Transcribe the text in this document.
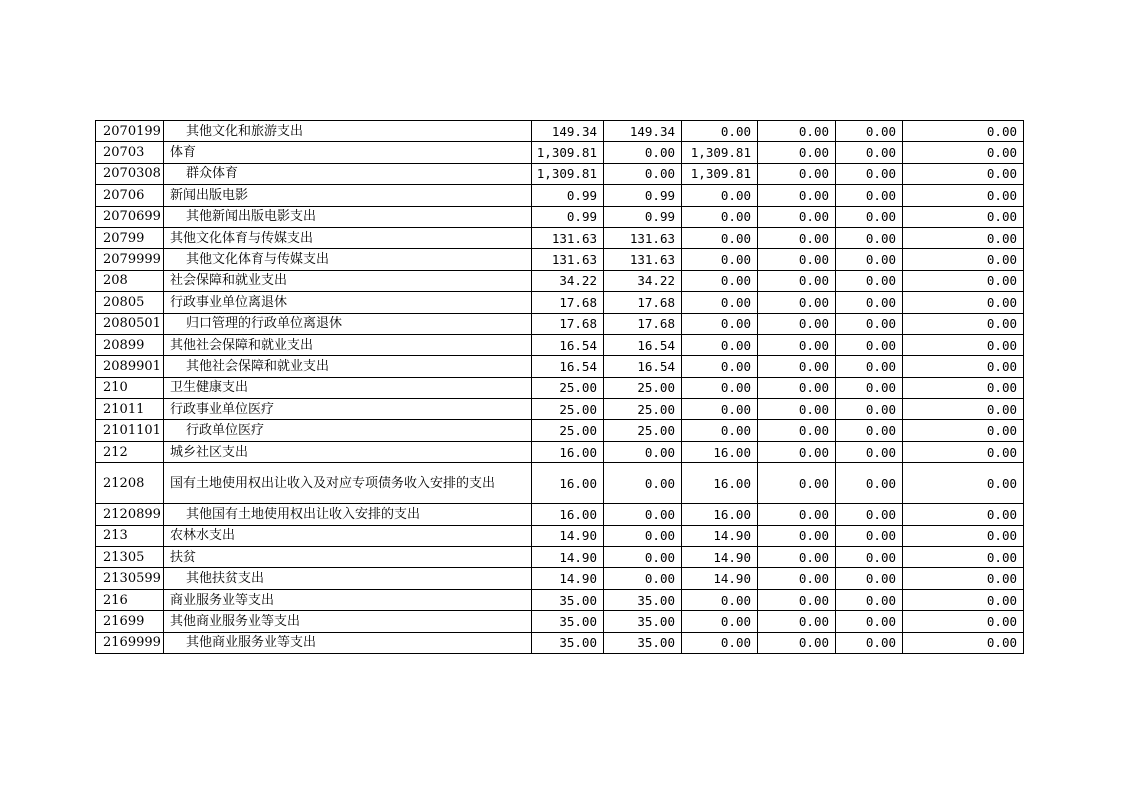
2070199	其他文化和旅游支出	149.34	149.34	0.00	0.00	0.00	0.00
20703	体育	1,309.81	0.00	1,309.81	0.00	0.00	0.00
2070308	群众体育	1,309.81	0.00	1,309.81	0.00	0.00	0.00
20706	新闻出版电影	0.99	0.99	0.00	0.00	0.00	0.00
2070699	其他新闻出版电影支出	0.99	0.99	0.00	0.00	0.00	0.00
20799	其他文化体育与传媒支出	131.63	131.63	0.00	0.00	0.00	0.00
2079999	其他文化体育与传媒支出	131.63	131.63	0.00	0.00	0.00	0.00
208	社会保障和就业支出	34.22	34.22	0.00	0.00	0.00	0.00
20805	行政事业单位离退休	17.68	17.68	0.00	0.00	0.00	0.00
2080501	归口管理的行政单位离退休	17.68	17.68	0.00	0.00	0.00	0.00
20899	其他社会保障和就业支出	16.54	16.54	0.00	0.00	0.00	0.00
2089901	其他社会保障和就业支出	16.54	16.54	0.00	0.00	0.00	0.00
210	卫生健康支出	25.00	25.00	0.00	0.00	0.00	0.00
21011	行政事业单位医疗	25.00	25.00	0.00	0.00	0.00	0.00
2101101	行政单位医疗	25.00	25.00	0.00	0.00	0.00	0.00
212	城乡社区支出	16.00	0.00	16.00	0.00	0.00	0.00
21208	国有土地使用权出让收入及对应专项债务收入安排的支出	16.00	0.00	16.00	0.00	0.00	0.00
2120899	其他国有土地使用权出让收入安排的支出	16.00	0.00	16.00	0.00	0.00	0.00
213	农林水支出	14.90	0.00	14.90	0.00	0.00	0.00
21305	扶贫	14.90	0.00	14.90	0.00	0.00	0.00
2130599	其他扶贫支出	14.90	0.00	14.90	0.00	0.00	0.00
216	商业服务业等支出	35.00	35.00	0.00	0.00	0.00	0.00
21699	其他商业服务业等支出	35.00	35.00	0.00	0.00	0.00	0.00
2169999	其他商业服务业等支出	35.00	35.00	0.00	0.00	0.00	0.00
